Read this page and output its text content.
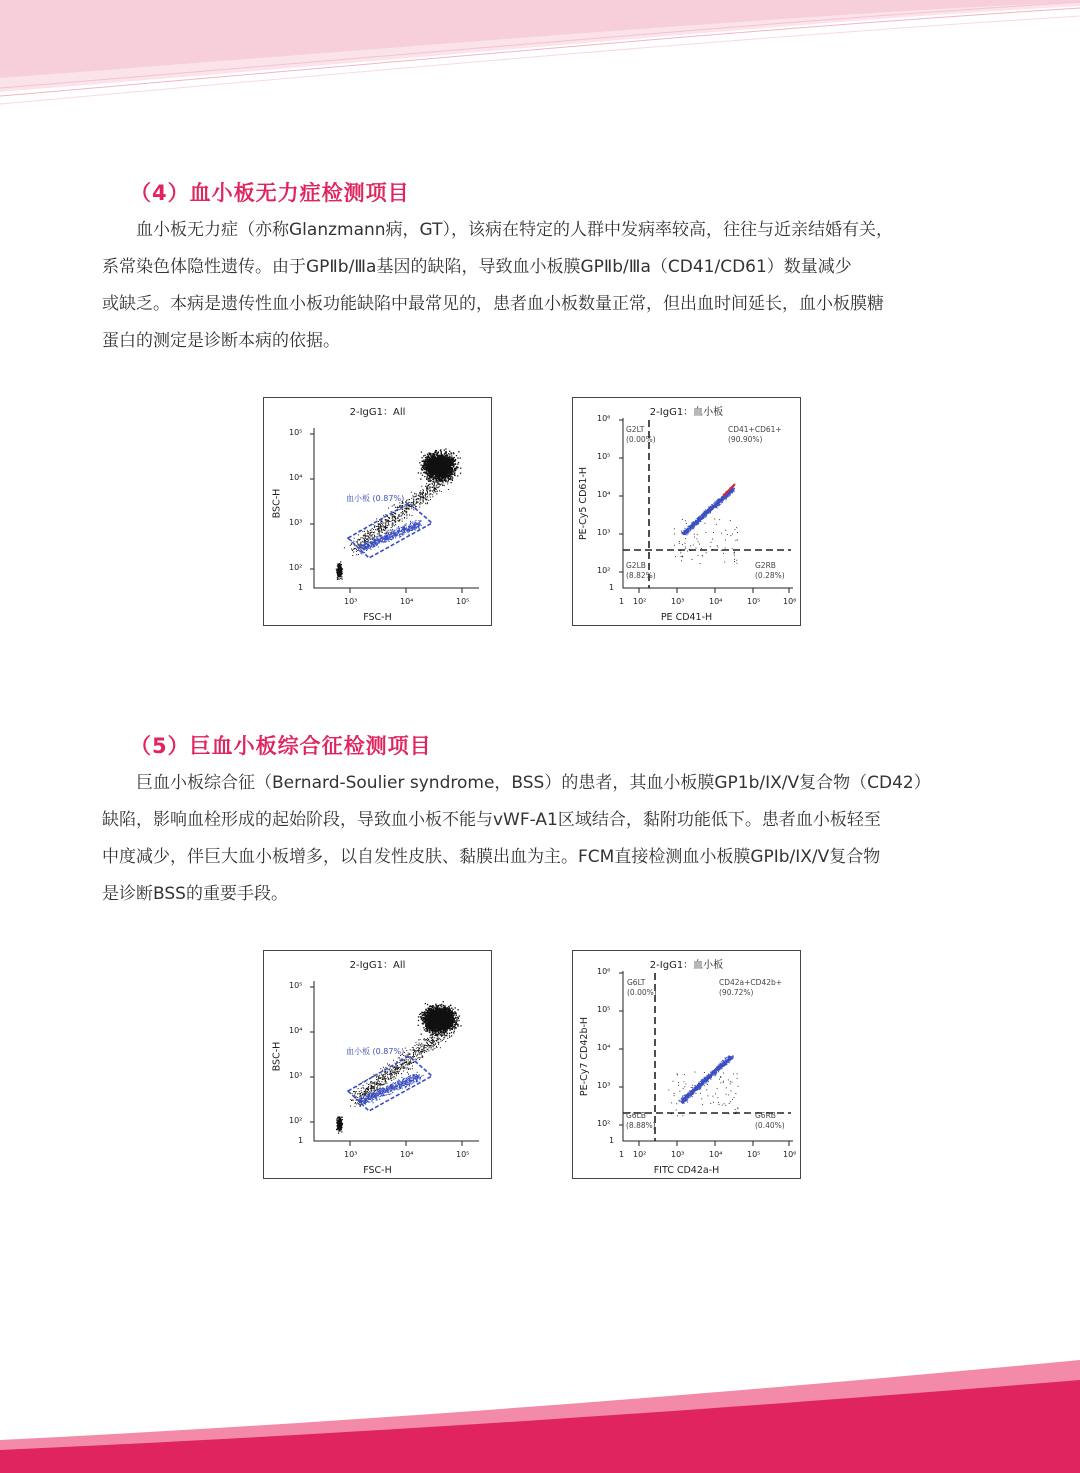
（4）血小板无力症检测项目
血小板无力症（亦称Glanzmann病，GT），该病在特定的人群中发病率较高，往往与近亲结婚有关，
系常染色体隐性遗传。由于GPⅡb/Ⅲa基因的缺陷，导致血小板膜GPⅡb/Ⅲa（CD41/CD61）数量减少
或缺乏。本病是遗传性血小板功能缺陷中最常见的，患者血小板数量正常，但出血时间延长，血小板膜糖
蛋白的测定是诊断本病的依据。
2-IgG1：All
BSC-H
FSC-H
10⁵
10⁴
10³
10²
1
10³	10⁴	10⁵
血小板 (0.87%)
2-IgG1：血小板
PE-Cy5 CD61-H
PE CD41-H
10⁶
10⁵
10⁴
10³
10²
1
1 10²	10³	10⁴	10⁵	10⁶
G2LT
(0.00%)
CD41+CD61+
(90.90%)
G2LB
(8.82%)
G2RB
(0.28%)
（5）巨血小板综合征检测项目
巨血小板综合征（Bernard-Soulier syndrome，BSS）的患者，其血小板膜GP1b/IX/V复合物（CD42）
缺陷，影响血栓形成的起始阶段，导致血小板不能与vWF-A1区域结合，黏附功能低下。患者血小板轻至
中度减少，伴巨大血小板增多，以自发性皮肤、黏膜出血为主。FCM直接检测血小板膜GPIb/IX/V复合物
是诊断BSS的重要手段。
2-IgG1：All
BSC-H
FSC-H
10⁵
10⁴
10³
10²
1
10³	10⁴	10⁵
血小板 (0.87%)
2-IgG1：血小板
PE-Cy7 CD42b-H
FITC CD42a-H
10⁶
10⁵
10⁴
10³
10²
1
1 10²	10³	10⁴	10⁵	10⁶
G6LT
(0.00%)
CD42a+CD42b+
(90.72%)
G6LB
(8.88%)
G6RB
(0.40%)
